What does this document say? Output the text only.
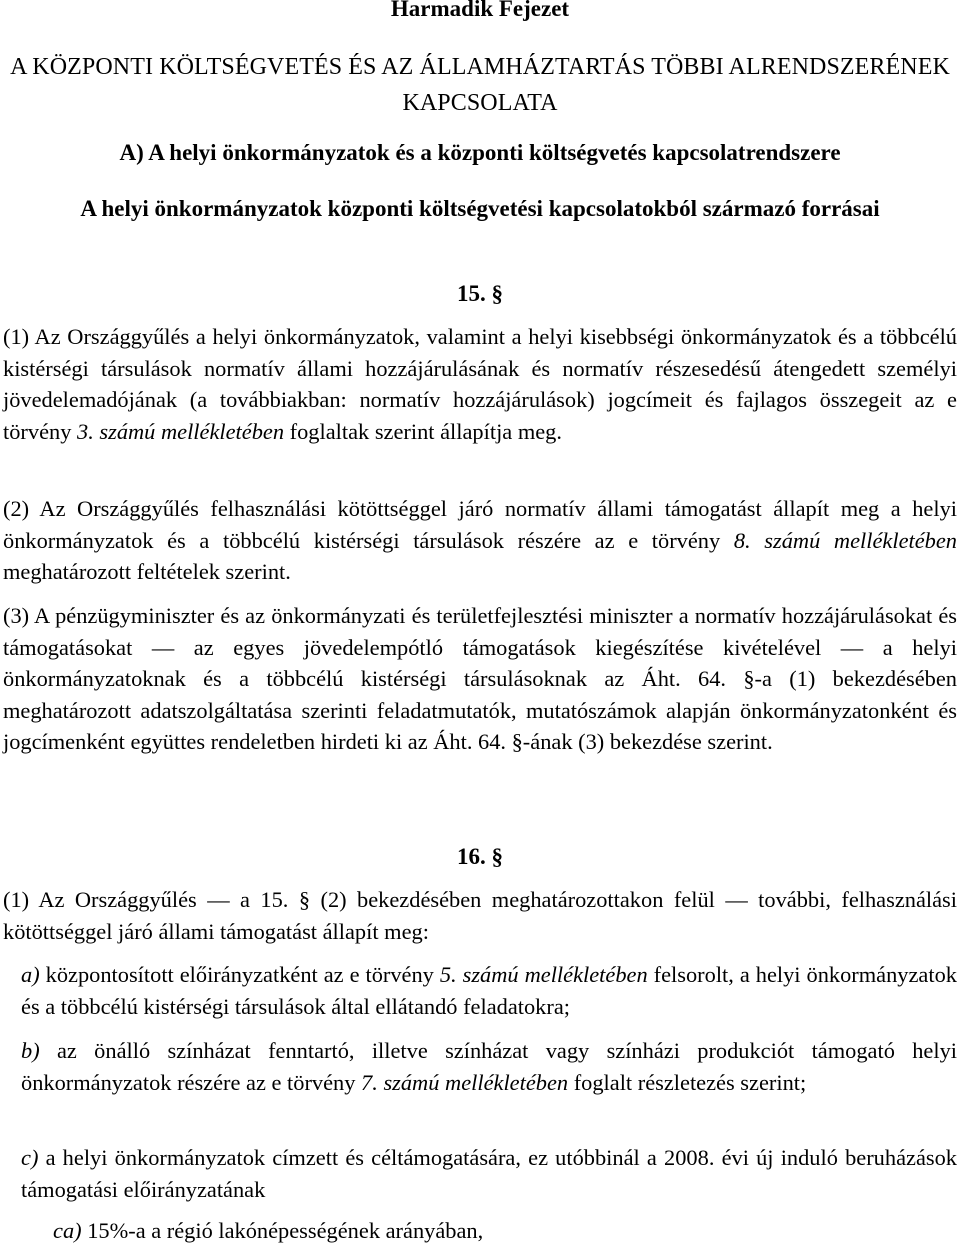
Harmadik Fejezet
A KÖZPONTI KÖLTSÉGVETÉS ÉS AZ ÁLLAMHÁZTARTÁS TÖBBI ALRENDSZERÉNEK KAPCSOLATA
A) A helyi önkormányzatok és a központi költségvetés kapcsolatrendszere
A helyi önkormányzatok központi költségvetési kapcsolatokból származó forrásai
15. §
(1) Az Országgyűlés a helyi önkormányzatok, valamint a helyi kisebbségi önkormányzatok és a többcélú kistérségi társulások normatív állami hozzájárulásának és normatív részesedésű átengedett személyi jövedelemadójának (a továbbiakban: normatív hozzájárulások) jogcímeit és fajlagos összegeit az e törvény 3. számú mellékletében foglaltak szerint állapítja meg.
(2) Az Országgyűlés felhasználási kötöttséggel járó normatív állami támogatást állapít meg a helyi önkormányzatok és a többcélú kistérségi társulások részére az e törvény 8. számú mellékletében meghatározott feltételek szerint.
(3) A pénzügyminiszter és az önkormányzati és területfejlesztési miniszter a normatív hozzájárulásokat és támogatásokat — az egyes jövedelempótló támogatások kiegészítése kivételével — a helyi önkormányzatoknak és a többcélú kistérségi társulásoknak az Áht. 64. §-a (1) bekezdésében meghatározott adatszolgáltatása szerinti feladatmutatók, mutatószámok alapján önkormányzatonként és jogcímenként együttes rendeletben hirdeti ki az Áht. 64. §-ának (3) bekezdése szerint.
16. §
(1) Az Országgyűlés — a 15. § (2) bekezdésében meghatározottakon felül — további, felhasználási kötöttséggel járó állami támogatást állapít meg:
a) központosított előirányzatként az e törvény 5. számú mellékletében felsorolt, a helyi önkormányzatok és a többcélú kistérségi társulások által ellátandó feladatokra;
b) az önálló színházat fenntartó, illetve színházat vagy színházi produkciót támogató helyi önkormányzatok részére az e törvény 7. számú mellékletében foglalt részletezés szerint;
c) a helyi önkormányzatok címzett és céltámogatására, ez utóbbinál a 2008. évi új induló beruházások támogatási előirányzatának
ca) 15%-a a régió lakónépességének arányában,
